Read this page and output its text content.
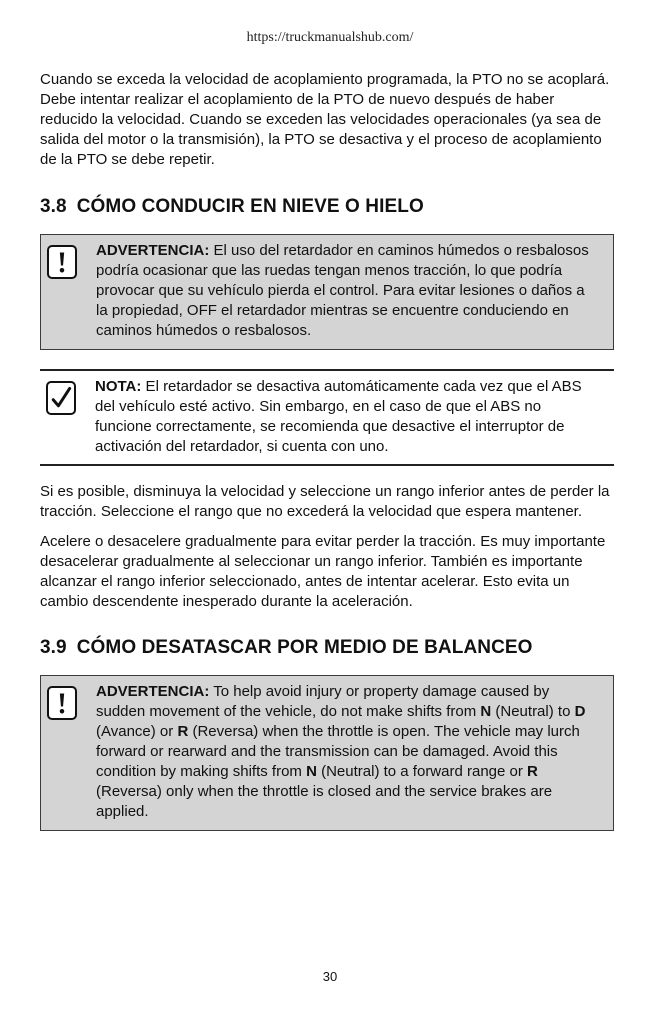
https://truckmanualshub.com/

Cuando se exceda la velocidad de acoplamiento programada, la PTO no se acoplará. Debe intentar realizar el acoplamiento de la PTO de nuevo después de haber reducido la velocidad. Cuando se exceden las velocidades operacionales (ya sea de salida del motor o la transmisión), la PTO se desactiva y el proceso de acoplamiento de la PTO se debe repetir.

3.8 CÓMO CONDUCIR EN NIEVE O HIELO
ADVERTENCIA: El uso del retardador en caminos húmedos o resbalosos podría ocasionar que las ruedas tengan menos tracción, lo que podría provocar que su vehículo pierda el control. Para evitar lesiones o daños a la propiedad, OFF el retardador mientras se encuentre conduciendo en caminos húmedos o resbalosos.
NOTA: El retardador se desactiva automáticamente cada vez que el ABS del vehículo esté activo. Sin embargo, en el caso de que el ABS no funcione correctamente, se recomienda que desactive el interruptor de activación del retardador, si cuenta con uno.

Si es posible, disminuya la velocidad y seleccione un rango inferior antes de perder la tracción. Seleccione el rango que no excederá la velocidad que espera mantener.

Acelere o desacelere gradualmente para evitar perder la tracción. Es muy importante desacelerar gradualmente al seleccionar un rango inferior. También es importante alcanzar el rango inferior seleccionado, antes de intentar acelerar. Esto evita un cambio descendente inesperado durante la aceleración.

3.9 CÓMO DESATASCAR POR MEDIO DE BALANCEO
ADVERTENCIA: To help avoid injury or property damage caused by sudden movement of the vehicle, do not make shifts from N (Neutral) to D (Avance) or R (Reversa) when the throttle is open. The vehicle may lurch forward or rearward and the transmission can be damaged. Avoid this condition by making shifts from N (Neutral) to a forward range or R (Reversa) only when the throttle is closed and the service brakes are applied.
30
